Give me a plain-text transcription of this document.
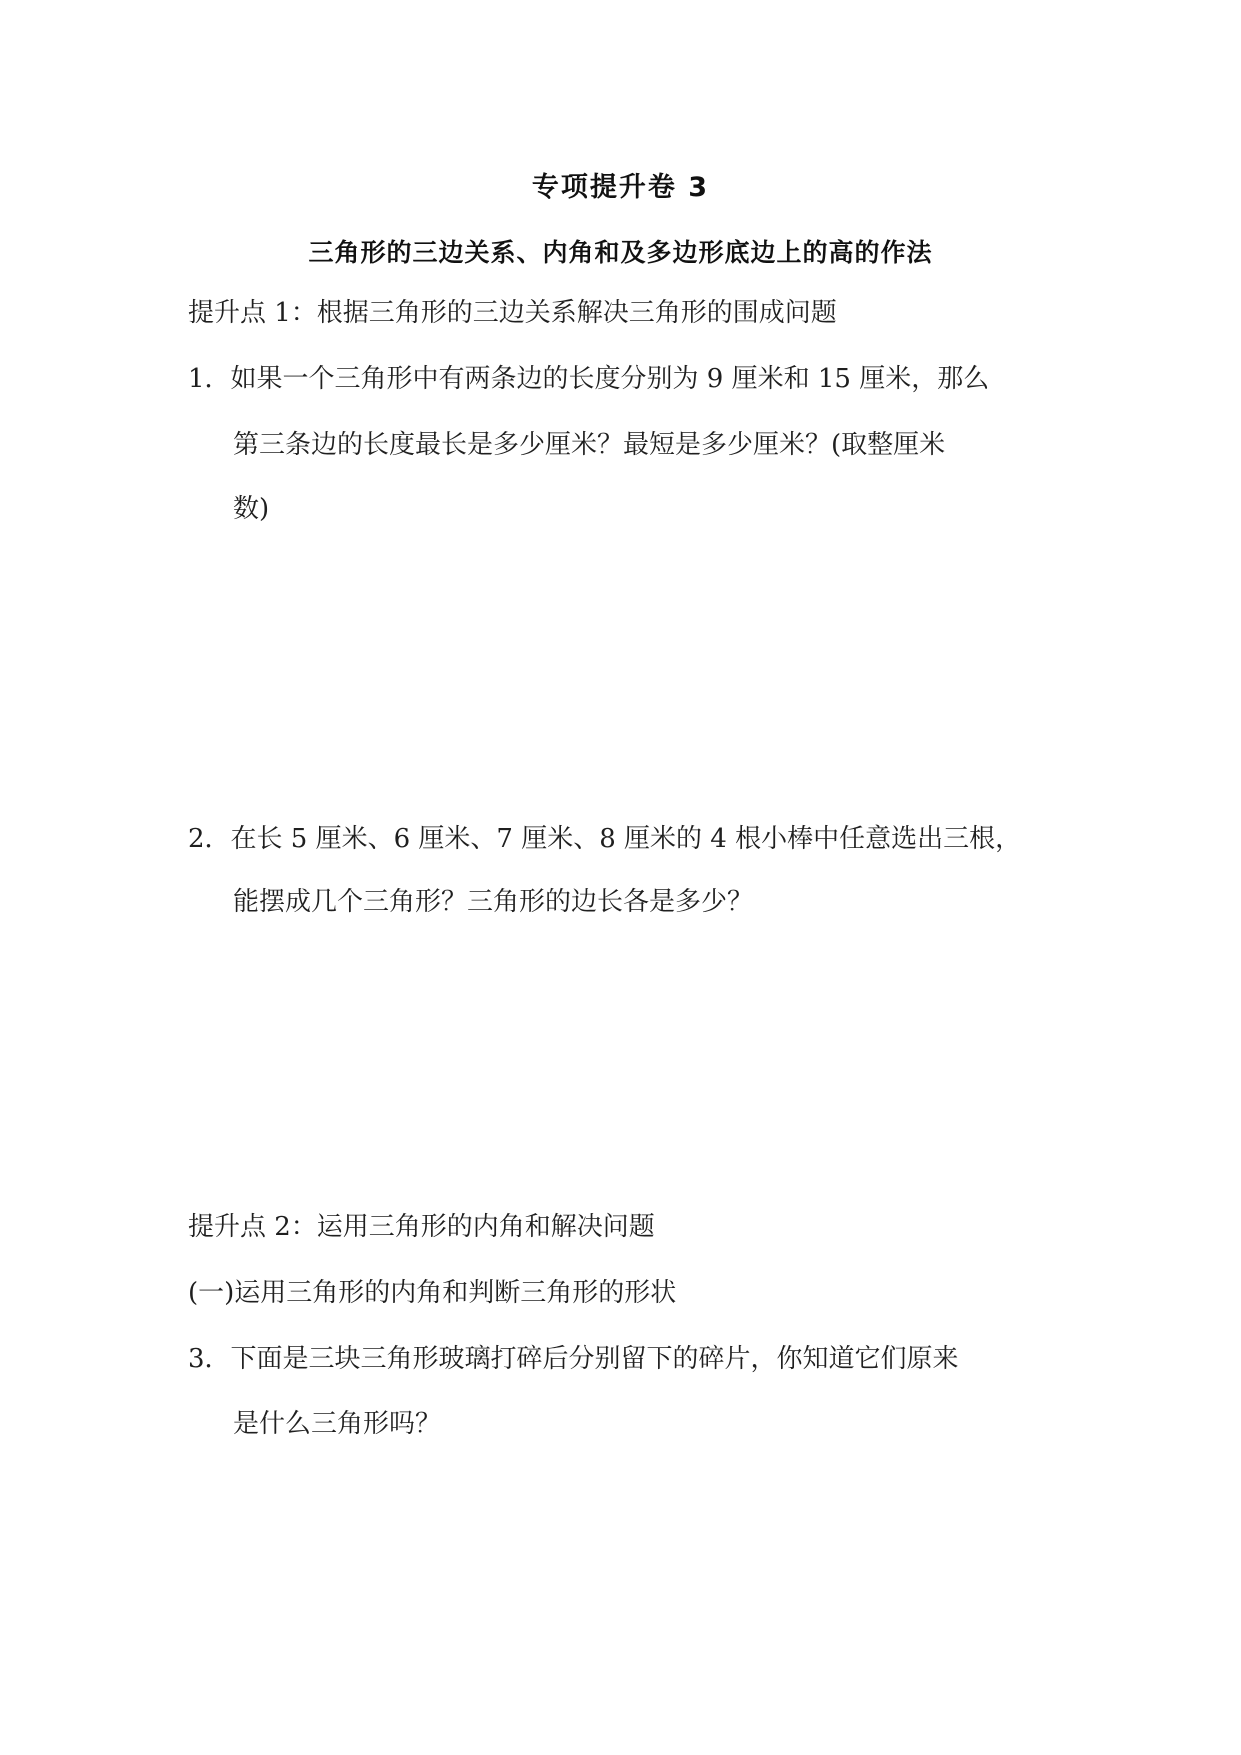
专项提升卷 3
三角形的三边关系、内角和及多边形底边上的高的作法
提升点 1：根据三角形的三边关系解决三角形的围成问题
1．如果一个三角形中有两条边的长度分别为 9 厘米和 15 厘米，那么
第三条边的长度最长是多少厘米？最短是多少厘米？(取整厘米
数)
2．在长 5 厘米、6 厘米、7 厘米、8 厘米的 4 根小棒中任意选出三根，
能摆成几个三角形？三角形的边长各是多少？
提升点 2：运用三角形的内角和解决问题
(一)运用三角形的内角和判断三角形的形状
3．下面是三块三角形玻璃打碎后分别留下的碎片，你知道它们原来
是什么三角形吗？
